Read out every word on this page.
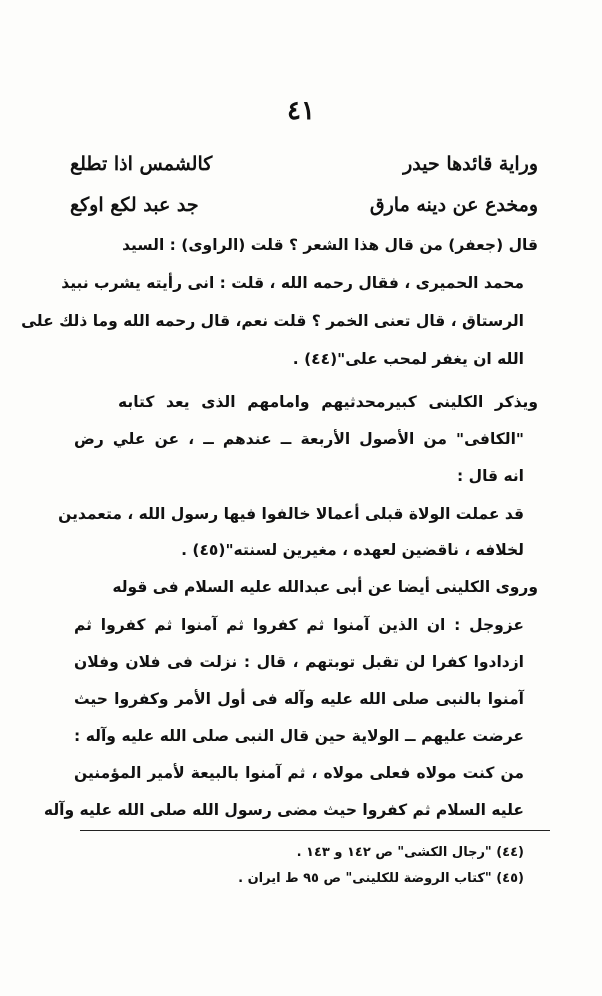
٤١
وراية قائدها حيدر
كالشمس اذا تطلع
ومخدع عن دينه مارق
جد عبد لكع اوكع
قال (جعفر) من قال هذا الشعر ؟ قلت (الراوى) : السيد
محمد الحميرى ، فقال رحمه الله ، قلت : انى رأيته يشرب نبيذ
الرستاق ، قال تعنى الخمر ؟ قلت نعم، قال رحمه الله وما ذلك على
الله ان يغفر لمحب على"(٤٤) .
ويذكر الكلينى كبيرمحدثيهم وامامهم الذى يعد كتابه
"الكافى" من الأصول الأربعة ــ عندهم ــ ، عن علي رض
انه قال :
قد عملت الولاة قبلى أعمالا خالفوا فيها رسول الله ، متعمدين
لخلافه ، ناقضين لعهده ، مغيرين لسنته"(٤٥) .
وروى الكلينى أيضا عن أبى عبدالله عليه السلام فى قوله
عزوجل : ان الذين آمنوا ثم كفروا ثم آمنوا ثم كفروا ثم
ازدادوا كفرا لن تقبل توبتهم ، قال : نزلت فى فلان وفلان
آمنوا بالنبى صلى الله عليه وآله فى أول الأمر وكفروا حيث
عرضت عليهم ــ الولاية حين قال النبى صلى الله عليه وآله :
من كنت مولاه فعلى مولاه ، ثم آمنوا بالبيعة لأمير المؤمنين
عليه السلام ثم كفروا حيث مضى رسول الله صلى الله عليه وآله
(٤٤) "رجال الكشى" ص ١٤٢ و ١٤٣ .
(٤٥) "كتاب الروضة للكلينى" ص ٩٥ ط ايران .
